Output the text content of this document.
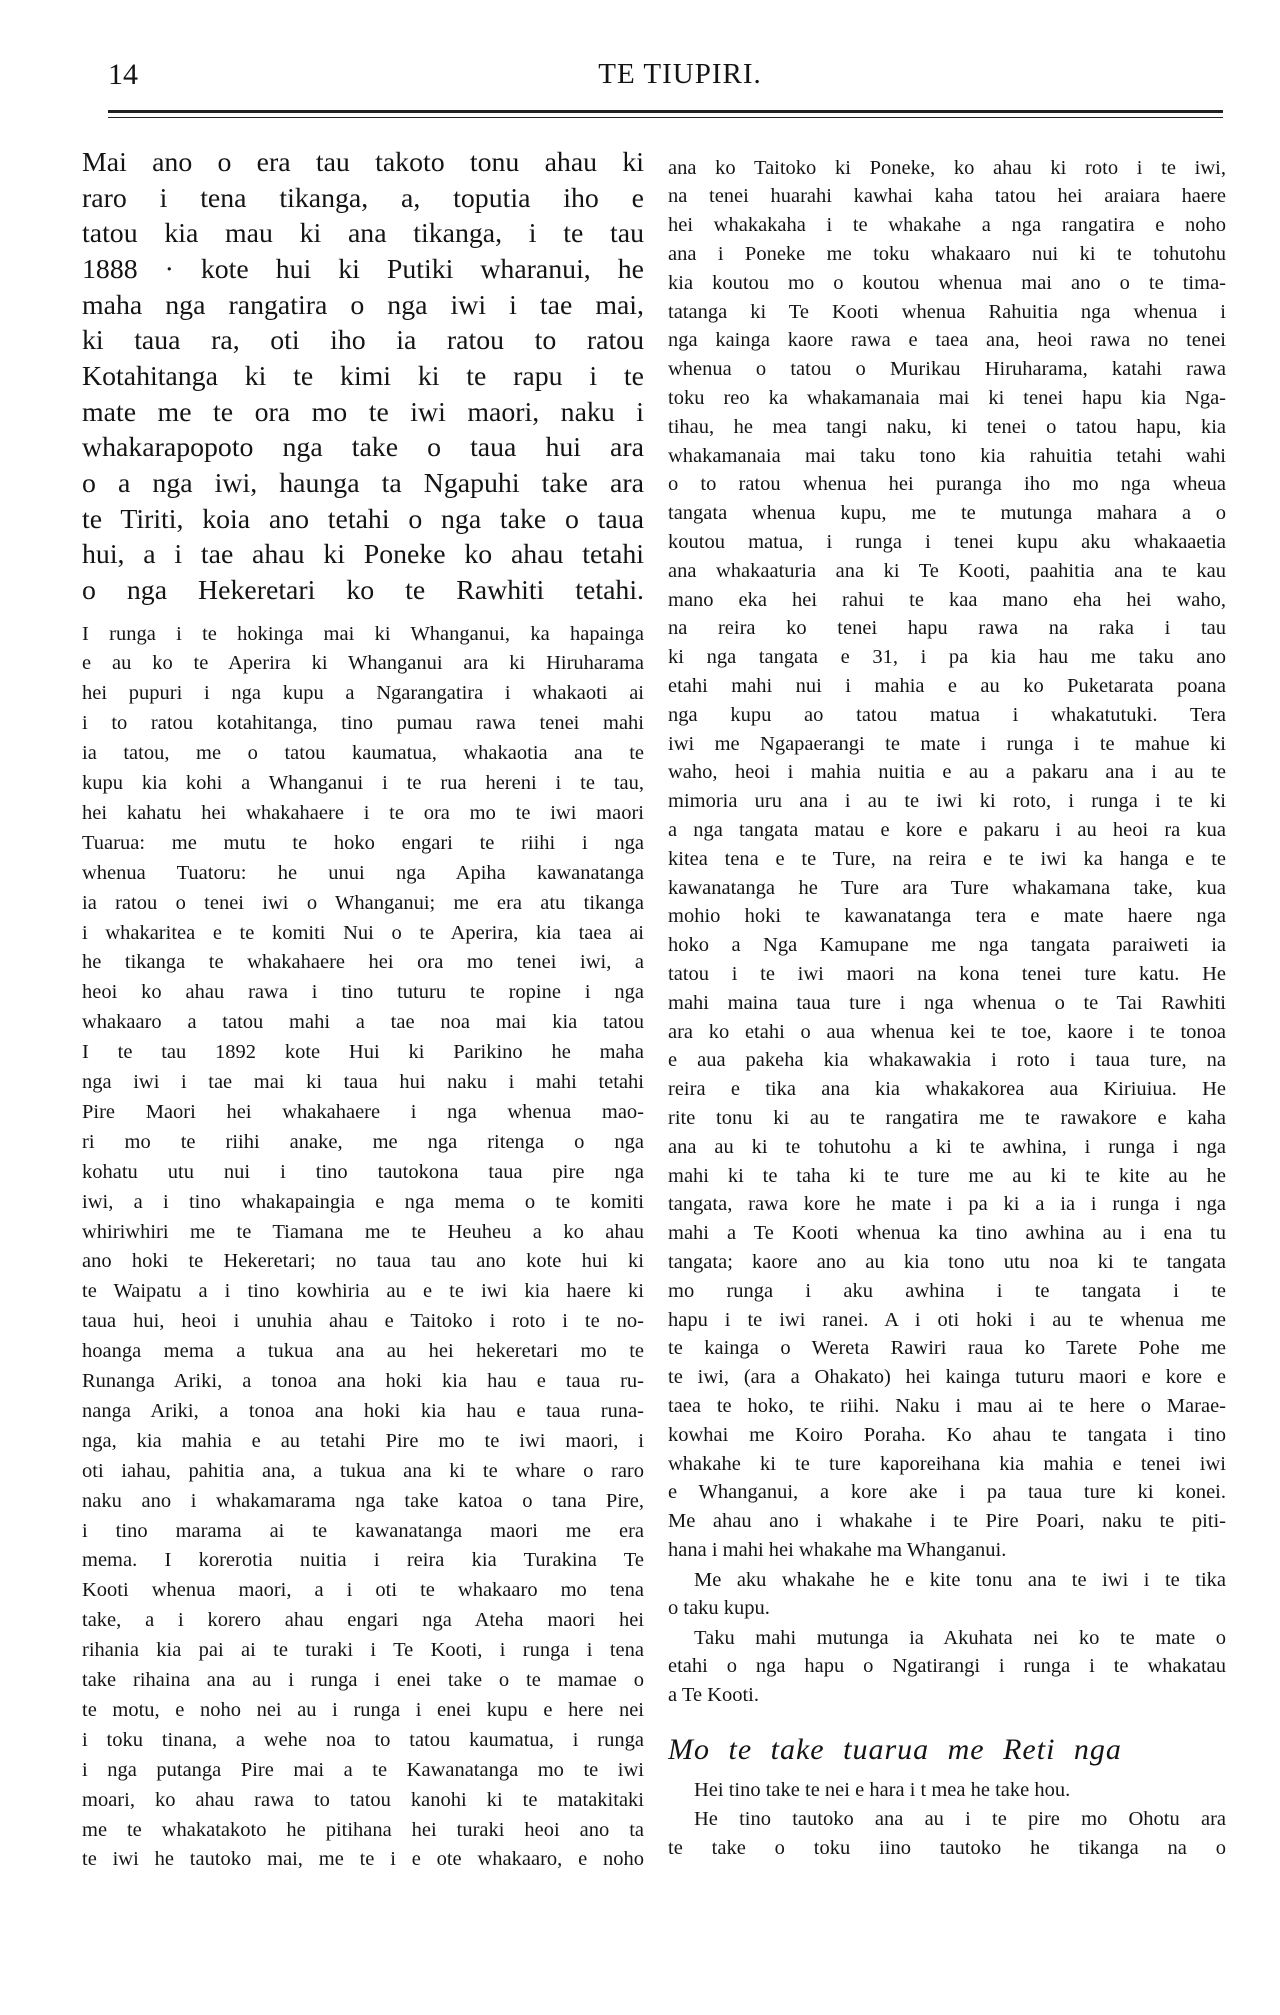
14	TE TIUPIRI.
Mai ano o era tau takoto tonu ahau ki
raro i tena tikanga, a, toputia iho e
tatou kia mau ki ana tikanga, i te tau
1888 · kote hui ki Putiki wharanui, he
maha nga rangatira o nga iwi i tae mai,
ki taua ra, oti iho ia ratou to ratou
Kotahitanga ki te kimi ki te rapu i te
mate me te ora mo te iwi maori, naku i
whakarapopoto nga take o taua hui ara
o a nga iwi, haunga ta Ngapuhi take ara
te Tiriti, koia ano tetahi o nga take o taua
hui, a i tae ahau ki Poneke ko ahau tetahi
o nga Hekeretari ko te Rawhiti tetahi.
I runga i te hokinga mai ki Whanganui, ka hapainga
e au ko te Aperira ki Whanganui ara ki Hiruharama
hei pupuri i nga kupu a Ngarangatira i whakaoti ai
i to ratou kotahitanga, tino pumau rawa tenei mahi
ia tatou, me o tatou kaumatua, whakaotia ana te
kupu kia kohi a Whanganui i te rua hereni i te tau,
hei kahatu hei whakahaere i te ora mo te iwi maori
Tuarua: me mutu te hoko engari te riihi i nga
whenua Tuatoru: he unui nga Apiha kawanatanga
ia ratou o tenei iwi o Whanganui; me era atu tikanga
i whakaritea e te komiti Nui o te Aperira, kia taea ai
he tikanga te whakahaere hei ora mo tenei iwi, a
heoi ko ahau rawa i tino tuturu te ropine i nga
whakaaro a tatou mahi a tae noa mai kia tatou
I te tau 1892 kote Hui ki Parikino he maha
nga iwi i tae mai ki taua hui naku i mahi tetahi
Pire Maori hei whakahaere i nga whenua mao-
ri mo te riihi anake, me nga ritenga o nga
kohatu utu nui i tino tautokona taua pire nga
iwi, a i tino whakapaingia e nga mema o te komiti
whiriwhiri me te Tiamana me te Heuheu a ko ahau
ano hoki te Hekeretari; no taua tau ano kote hui ki
te Waipatu a i tino kowhiria au e te iwi kia haere ki
taua hui, heoi i unuhia ahau e Taitoko i roto i te no-
hoanga mema a tukua ana au hei hekeretari mo te
Runanga Ariki, a tonoa ana hoki kia hau e taua ru-
nanga Ariki, a tonoa ana hoki kia hau e taua runa-
nga, kia mahia e au tetahi Pire mo te iwi maori, i
oti iahau, pahitia ana, a tukua ana ki te whare o raro
naku ano i whakamarama nga take katoa o tana Pire,
i tino marama ai te kawanatanga maori me era
mema. I korerotia nuitia i reira kia Turakina Te
Kooti whenua maori, a i oti te whakaaro mo tena
take, a i korero ahau engari nga Ateha maori hei
rihania kia pai ai te turaki i Te Kooti, i runga i tena
take rihaina ana au i runga i enei take o te mamae o
te motu, e noho nei au i runga i enei kupu e here nei
i toku tinana, a wehe noa to tatou kaumatua, i runga
i nga putanga Pire mai a te Kawanatanga mo te iwi
moari, ko ahau rawa to tatou kanohi ki te matakitaki
me te whakatakoto he pitihana hei turaki heoi ano ta
te iwi he tautoko mai, me te i e ote whakaaro, e noho
ana ko Taitoko ki Poneke, ko ahau ki roto i te iwi,
na tenei huarahi kawhai kaha tatou hei araiara haere
hei whakakaha i te whakahe a nga rangatira e noho
ana i Poneke me toku whakaaro nui ki te tohutohu
kia koutou mo o koutou whenua mai ano o te tima-
tatanga ki Te Kooti whenua Rahuitia nga whenua i
nga kainga kaore rawa e taea ana, heoi rawa no tenei
whenua o tatou o Murikau Hiruharama, katahi rawa
toku reo ka whakamanaia mai ki tenei hapu kia Nga-
tihau, he mea tangi naku, ki tenei o tatou hapu, kia
whakamanaia mai taku tono kia rahuitia tetahi wahi
o to ratou whenua hei puranga iho mo nga wheua
tangata whenua kupu, me te mutunga mahara a o
koutou matua, i runga i tenei kupu aku whakaaetia
ana whakaaturia ana ki Te Kooti, paahitia ana te kau
mano eka hei rahui te kaa mano eha hei waho,
na reira ko tenei hapu rawa na raka i tau
ki nga tangata e 31, i pa kia hau me taku ano
etahi mahi nui i mahia e au ko Puketarata poana
nga kupu ao tatou matua i whakatutuki. Tera
iwi me Ngapaerangi te mate i runga i te mahue ki
waho, heoi i mahia nuitia e au a pakaru ana i au te
mimoria uru ana i au te iwi ki roto, i runga i te ki
a nga tangata matau e kore e pakaru i au heoi ra kua
kitea tena e te Ture, na reira e te iwi ka hanga e te
kawanatanga he Ture ara Ture whakamana take, kua
mohio hoki te kawanatanga tera e mate haere nga
hoko a Nga Kamupane me nga tangata paraiweti ia
tatou i te iwi maori na kona tenei ture katu. He
mahi maina taua ture i nga whenua o te Tai Rawhiti
ara ko etahi o aua whenua kei te toe, kaore i te tonoa
e aua pakeha kia whakawakia i roto i taua ture, na
reira e tika ana kia whakakorea aua Kiriuiua. He
rite tonu ki au te rangatira me te rawakore e kaha
ana au ki te tohutohu a ki te awhina, i runga i nga
mahi ki te taha ki te ture me au ki te kite au he
tangata, rawa kore he mate i pa ki a ia i runga i nga
mahi a Te Kooti whenua ka tino awhina au i ena tu
tangata; kaore ano au kia tono utu noa ki te tangata
mo runga i aku awhina i te tangata i te
hapu i te iwi ranei. A i oti hoki i au te whenua me
te kainga o Wereta Rawiri raua ko Tarete Pohe me
te iwi, (ara a Ohakato) hei kainga tuturu maori e kore e
taea te hoko, te riihi. Naku i mau ai te here o Marae-
kowhai me Koiro Poraha. Ko ahau te tangata i tino
whakahe ki te ture kaporeihana kia mahia e tenei iwi
e Whanganui, a kore ake i pa taua ture ki konei.
Me ahau ano i whakahe i te Pire Poari, naku te piti-
hana i mahi hei whakahe ma Whanganui.
Me aku whakahe he e kite tonu ana te iwi i te tika
o taku kupu.
Taku mahi mutunga ia Akuhata nei ko te mate o
etahi o nga hapu o Ngatirangi i runga i te whakatau
a Te Kooti.
Mo te take tuarua me Reti nga
Hei tino take te nei e hara i t mea he take hou.
He tino tautoko ana au i te pire mo Ohotu ara
te take o toku iino tautoko he tikanga na o
